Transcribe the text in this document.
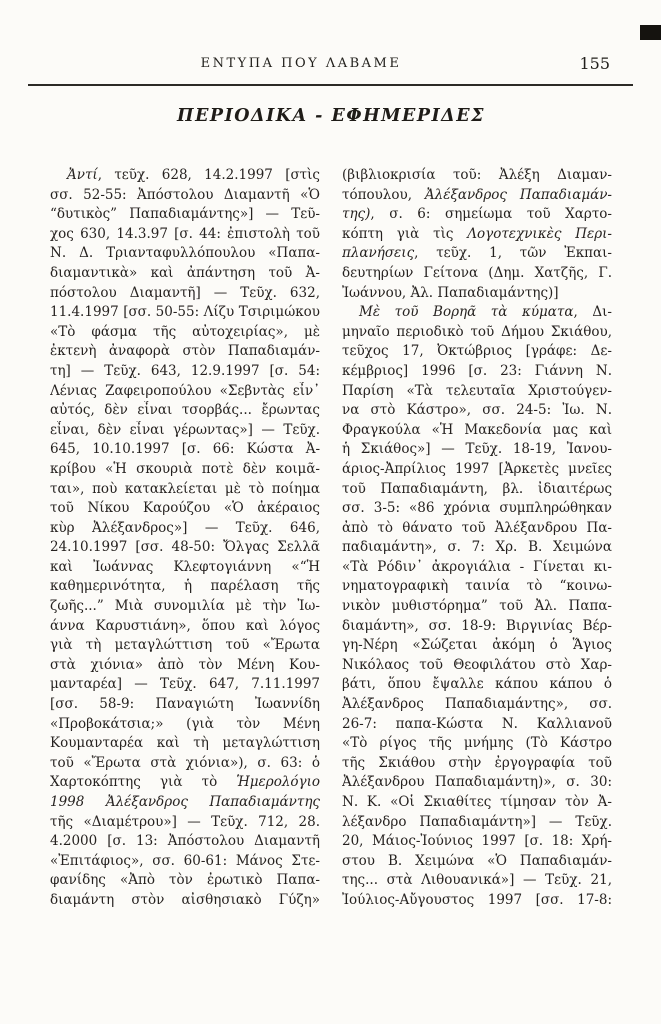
ΕΝΤΥΠΑ ΠΟΥ ΛΑΒΑΜΕ	155
ΠΕΡΙΟΔΙΚΑ - ΕΦΗΜΕΡΙΔΕΣ
Ἀντί, τεῦχ. 628, 14.2.1997 [στὶς
σσ. 52-55: Ἀπόστολου Διαμαντῆ «Ὁ
“δυτικὸς” Παπαδιαμάντης»] — Τεῦ-
χος 630, 14.3.97 [σ. 44: ἐπιστολὴ τοῦ
Ν. Δ. Τριανταφυλλόπουλου «Παπα-
διαμαντικὰ» καὶ ἀπάντηση τοῦ Ἀ-
πόστολου Διαμαντῆ] — Τεῦχ. 632,
11.4.1997 [σσ. 50-55: Λίζυ Τσιριμώκου
«Τὸ φάσμα τῆς αὐτοχειρίας», μὲ
ἐκτενὴ ἀναφορὰ στὸν Παπαδιαμάν-
τη] — Τεῦχ. 643, 12.9.1997 [σ. 54:
Λένιας Ζαφειροπούλου «Σεβντὰς εἶν᾽
αὐτός, δὲν εἶναι τσορβάς... ἔρωντας
εἶναι, δὲν εἶναι γέρωντας»] — Τεῦχ.
645, 10.10.1997 [σ. 66: Κώστα Ἀ-
κρίβου «Ἡ σκουριὰ ποτὲ δὲν κοιμᾶ-
ται», ποὺ κατακλείεται μὲ τὸ ποίημα
τοῦ Νίκου Καρούζου «Ὁ ἀκέραιος
κὺρ Ἀλέξανδρος»] — Τεῦχ. 646,
24.10.1997 [σσ. 48-50: Ὄλγας Σελλᾶ
καὶ Ἰωάννας Κλεφτογιάννη «“Ἡ
καθημερινότητα, ἡ παρέλαση τῆς
ζωῆς...” Μιὰ συνομιλία μὲ τὴν Ἰω-
άννα Καρυστιάνη», ὅπου καὶ λόγος
γιὰ τὴ μεταγλώττιση τοῦ «Ἔρωτα
στὰ χιόνια» ἀπὸ τὸν Μένη Κου-
μανταρέα] — Τεῦχ. 647, 7.11.1997
[σσ. 58-9: Παναγιώτη Ἰωαννίδη
«Προβοκάτσια;» (γιὰ τὸν Μένη
Κουμανταρέα καὶ τὴ μεταγλώττιση
τοῦ «Ἔρωτα στὰ χιόνια»), σ. 63: ὁ
Χαρτοκόπτης γιὰ τὸ Ἡμερολόγιο
1998 Ἀλέξανδρος Παπαδιαμάντης
τῆς «Διαμέτρου»] — Τεῦχ. 712, 28.
4.2000 [σ. 13: Ἀπόστολου Διαμαντῆ
«Ἐπιτάφιος», σσ. 60-61: Μάνος Στε-
φανίδης «Ἀπὸ τὸν ἐρωτικὸ Παπα-
διαμάντη στὸν αἰσθησιακὸ Γύζη»
(βιβλιοκρισία τοῦ: Ἀλέξη Διαμαν-
τόπουλου, Ἀλέξανδρος Παπαδιαμάν-
της), σ. 6: σημείωμα τοῦ Χαρτο-
κόπτη γιὰ τὶς Λογοτεχνικὲς Περι-
πλανήσεις, τεῦχ. 1, τῶν Ἐκπαι-
δευτηρίων Γείτονα (Δημ. Χατζῆς, Γ.
Ἰωάννου, Ἀλ. Παπαδιαμάντης)]
Μὲ τοῦ Βορηᾶ τὰ κύματα, Δι-
μηναῖο περιοδικὸ τοῦ Δήμου Σκιάθου,
τεῦχος 17, Ὀκτώβριος [γράφε: Δε-
κέμβριος] 1996 [σ. 23: Γιάννη Ν.
Παρίση «Τὰ τελευταῖα Χριστούγεν-
να στὸ Κάστρο», σσ. 24-5: Ἰω. Ν.
Φραγκούλα «Ἡ Μακεδονία μας καὶ
ἡ Σκιάθος»] — Τεῦχ. 18-19, Ἰανου-
άριος-Ἀπρίλιος 1997 [Ἀρκετὲς μνεῖες
τοῦ Παπαδιαμάντη, βλ. ἰδιαιτέρως
σσ. 3-5: «86 χρόνια συμπληρώθηκαν
ἀπὸ τὸ θάνατο τοῦ Ἀλέξανδρου Πα-
παδιαμάντη», σ. 7: Χρ. Β. Χειμώνα
«Τὰ Ρόδιν᾽ ἀκρογιάλια - Γίνεται κι-
νηματογραφικὴ ταινία τὸ “κοινω-
νικὸν μυθιστόρημα” τοῦ Ἀλ. Παπα-
διαμάντη», σσ. 18-9: Βιργινίας Βέρ-
γη-Νέρη «Σώζεται ἀκόμη ὁ Ἅγιος
Νικόλαος τοῦ Θεοφιλάτου στὸ Χαρ-
βάτι, ὅπου ἔψαλλε κάπου κάπου ὁ
Ἀλέξανδρος Παπαδιαμάντης», σσ.
26-7: παπα-Κώστα Ν. Καλλιανοῦ
«Τὸ ρίγος τῆς μνήμης (Τὸ Κάστρο
τῆς Σκιάθου στὴν ἐργογραφία τοῦ
Ἀλέξανδρου Παπαδιαμάντη)», σ. 30:
Ν. Κ. «Οἱ Σκιαθίτες τίμησαν τὸν Ἀ-
λέξανδρο Παπαδιαμάντη»] — Τεῦχ.
20, Μάιος-Ἰούνιος 1997 [σ. 18: Χρή-
στου Β. Χειμώνα «Ὁ Παπαδιαμάν-
της... στὰ Λιθουανικά»] — Τεῦχ. 21,
Ἰούλιος-Αὔγουστος 1997 [σσ. 17-8:
